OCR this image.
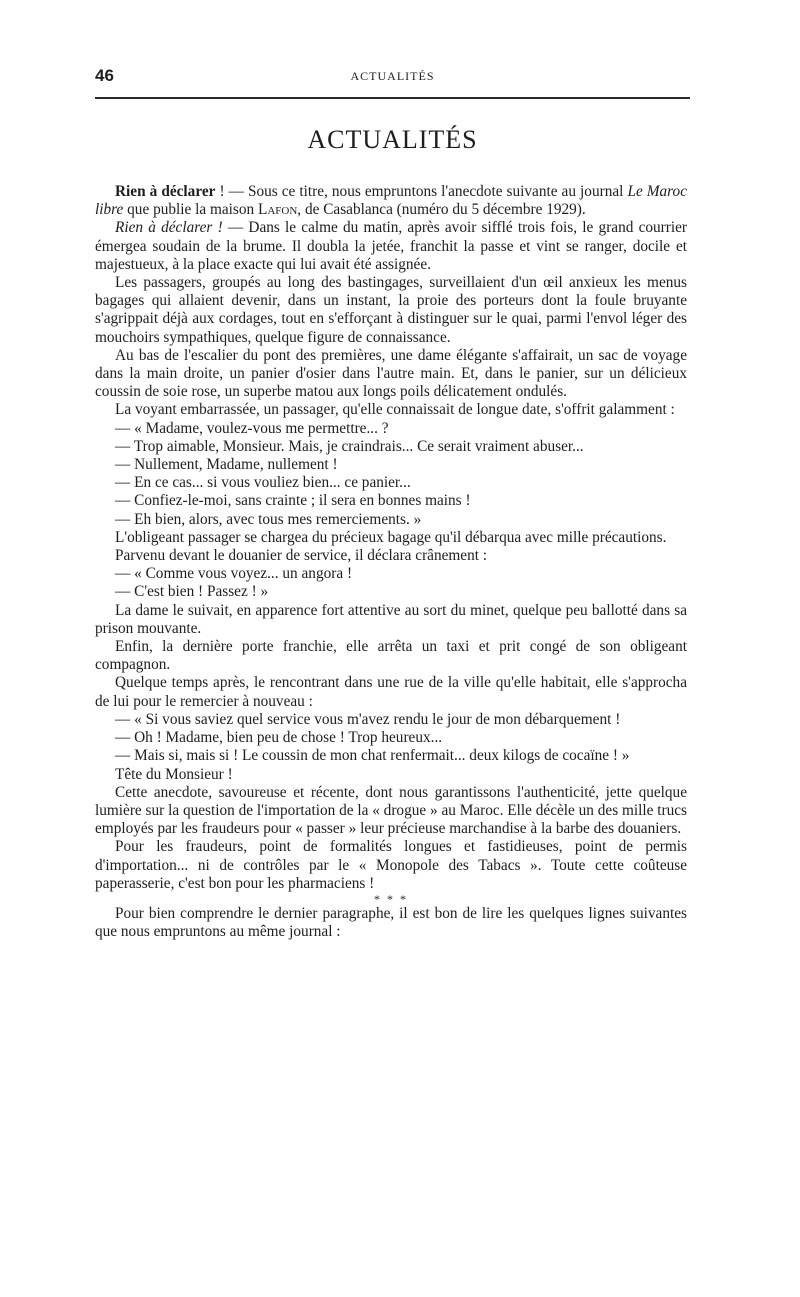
46	ACTUALITÉS
ACTUALITÉS

Rien à déclarer ! — Sous ce titre, nous empruntons l'anecdote suivante au journal Le Maroc libre que publie la maison Lafon, de Casablanca (numéro du 5 décembre 1929).

Rien à déclarer ! — Dans le calme du matin, après avoir sifflé trois fois, le grand courrier émergea soudain de la brume. Il doubla la jetée, franchit la passe et vint se ranger, docile et majestueux, à la place exacte qui lui avait été assignée.

Les passagers, groupés au long des bastingages, surveillaient d'un œil anxieux les menus bagages qui allaient devenir, dans un instant, la proie des porteurs dont la foule bruyante s'agrippait déjà aux cordages, tout en s'efforçant à distinguer sur le quai, parmi l'envol léger des mouchoirs sympathiques, quelque figure de connaissance.

Au bas de l'escalier du pont des premières, une dame élégante s'affairait, un sac de voyage dans la main droite, un panier d'osier dans l'autre main. Et, dans le panier, sur un délicieux coussin de soie rose, un superbe matou aux longs poils délicatement ondulés.

La voyant embarrassée, un passager, qu'elle connaissait de longue date, s'offrit galamment :

— « Madame, voulez-vous me permettre... ?

— Trop aimable, Monsieur. Mais, je craindrais... Ce serait vraiment abuser...

— Nullement, Madame, nullement !

— En ce cas... si vous vouliez bien... ce panier...

— Confiez-le-moi, sans crainte ; il sera en bonnes mains !

— Eh bien, alors, avec tous mes remerciements. »

L'obligeant passager se chargea du précieux bagage qu'il débarqua avec mille précautions.

Parvenu devant le douanier de service, il déclara crânement :

— « Comme vous voyez... un angora !

— C'est bien ! Passez ! »

La dame le suivait, en apparence fort attentive au sort du minet, quelque peu ballotté dans sa prison mouvante.

Enfin, la dernière porte franchie, elle arrêta un taxi et prit congé de son obligeant compagnon.

Quelque temps après, le rencontrant dans une rue de la ville qu'elle habitait, elle s'approcha de lui pour le remercier à nouveau :

— « Si vous saviez quel service vous m'avez rendu le jour de mon débarquement !

— Oh ! Madame, bien peu de chose ! Trop heureux...

— Mais si, mais si ! Le coussin de mon chat renfermait... deux kilogs de cocaïne ! »

Tête du Monsieur !

Cette anecdote, savoureuse et récente, dont nous garantissons l'authenticité, jette quelque lumière sur la question de l'importation de la « drogue » au Maroc. Elle décèle un des mille trucs employés par les fraudeurs pour « passer » leur précieuse marchandise à la barbe des douaniers.

Pour les fraudeurs, point de formalités longues et fastidieuses, point de permis d'importation... ni de contrôles par le « Monopole des Tabacs ». Toute cette coûteuse paperasserie, c'est bon pour les pharmaciens !

* * *

Pour bien comprendre le dernier paragraphe, il est bon de lire les quelques lignes suivantes que nous empruntons au même journal :
